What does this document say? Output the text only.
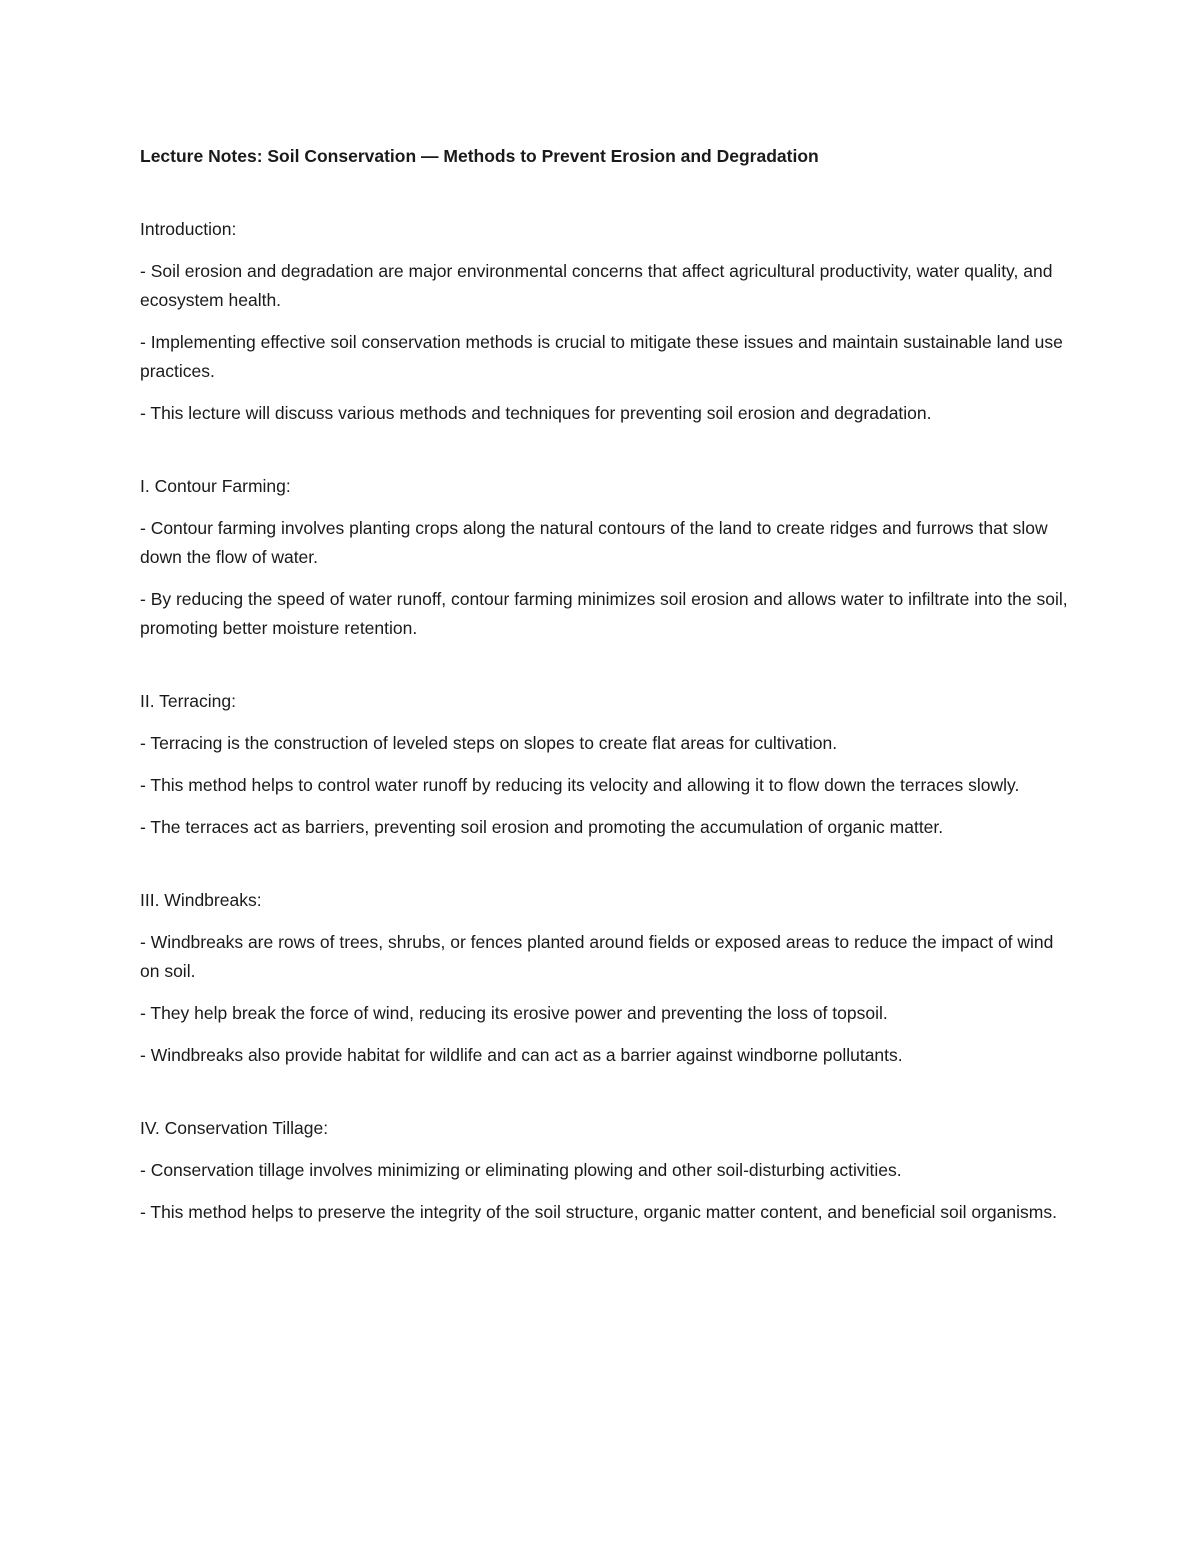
Lecture Notes: Soil Conservation — Methods to Prevent Erosion and Degradation
Introduction:
- Soil erosion and degradation are major environmental concerns that affect agricultural productivity, water quality, and ecosystem health.
- Implementing effective soil conservation methods is crucial to mitigate these issues and maintain sustainable land use practices.
- This lecture will discuss various methods and techniques for preventing soil erosion and degradation.
I. Contour Farming:
- Contour farming involves planting crops along the natural contours of the land to create ridges and furrows that slow down the flow of water.
- By reducing the speed of water runoff, contour farming minimizes soil erosion and allows water to infiltrate into the soil, promoting better moisture retention.
II. Terracing:
- Terracing is the construction of leveled steps on slopes to create flat areas for cultivation.
- This method helps to control water runoff by reducing its velocity and allowing it to flow down the terraces slowly.
- The terraces act as barriers, preventing soil erosion and promoting the accumulation of organic matter.
III. Windbreaks:
- Windbreaks are rows of trees, shrubs, or fences planted around fields or exposed areas to reduce the impact of wind on soil.
- They help break the force of wind, reducing its erosive power and preventing the loss of topsoil.
- Windbreaks also provide habitat for wildlife and can act as a barrier against windborne pollutants.
IV. Conservation Tillage:
- Conservation tillage involves minimizing or eliminating plowing and other soil-disturbing activities.
- This method helps to preserve the integrity of the soil structure, organic matter content, and beneficial soil organisms.
